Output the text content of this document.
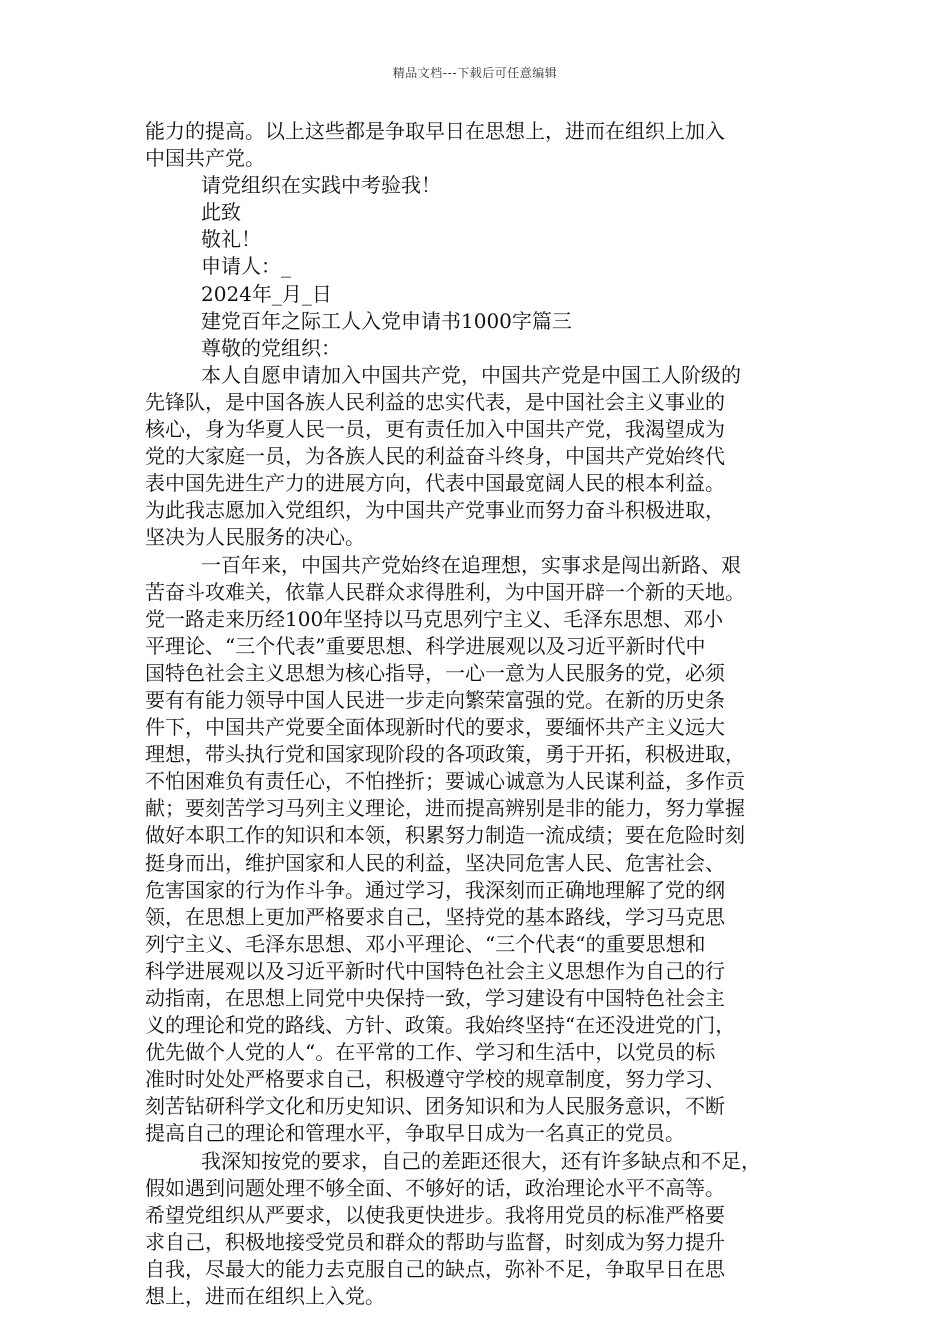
精品文档---下载后可任意编辑
能力的提高。以上这些都是争取早日在思想上，进而在组织上加入
中国共产党。
请党组织在实践中考验我！
此致
敬礼！
申请人：_
2024年_月_日
建党百年之际工人入党申请书1000字篇三
尊敬的党组织：
本人自愿申请加入中国共产党，中国共产党是中国工人阶级的
先锋队，是中国各族人民利益的忠实代表，是中国社会主义事业的
核心，身为华夏人民一员，更有责任加入中国共产党，我渴望成为
党的大家庭一员，为各族人民的利益奋斗终身，中国共产党始终代
表中国先进生产力的进展方向，代表中国最宽阔人民的根本利益。
为此我志愿加入党组织，为中国共产党事业而努力奋斗积极进取，
坚决为人民服务的决心。
一百年来，中国共产党始终在追理想，实事求是闯出新路、艰
苦奋斗攻难关，依靠人民群众求得胜利，为中国开辟一个新的天地。
党一路走来历经100年坚持以马克思列宁主义、毛泽东思想、邓小
平理论、“三个代表”重要思想、科学进展观以及习近平新时代中
国特色社会主义思想为核心指导，一心一意为人民服务的党，必须
要有有能力领导中国人民进一步走向繁荣富强的党。在新的历史条
件下，中国共产党要全面体现新时代的要求，要缅怀共产主义远大
理想，带头执行党和国家现阶段的各项政策，勇于开拓，积极进取，
不怕困难负有责任心，不怕挫折；要诚心诚意为人民谋利益，多作贡
献；要刻苦学习马列主义理论，进而提高辨别是非的能力，努力掌握
做好本职工作的知识和本领，积累努力制造一流成绩；要在危险时刻
挺身而出，维护国家和人民的利益，坚决同危害人民、危害社会、
危害国家的行为作斗争。通过学习，我深刻而正确地理解了党的纲
领，在思想上更加严格要求自己，坚持党的基本路线，学习马克思
列宁主义、毛泽东思想、邓小平理论、“三个代表“的重要思想和
科学进展观以及习近平新时代中国特色社会主义思想作为自己的行
动指南，在思想上同党中央保持一致，学习建设有中国特色社会主
义的理论和党的路线、方针、政策。我始终坚持“在还没进党的门，
优先做个人党的人“。在平常的工作、学习和生活中，以党员的标
准时时处处严格要求自己，积极遵守学校的规章制度，努力学习、
刻苦钻研科学文化和历史知识、团务知识和为人民服务意识，不断
提高自己的理论和管理水平，争取早日成为一名真正的党员。
我深知按党的要求，自己的差距还很大，还有许多缺点和不足，
假如遇到问题处理不够全面、不够好的话，政治理论水平不高等。
希望党组织从严要求，以使我更快进步。我将用党员的标准严格要
求自己，积极地接受党员和群众的帮助与监督，时刻成为努力提升
自我，尽最大的能力去克服自己的缺点，弥补不足，争取早日在思
想上，进而在组织上入党。
